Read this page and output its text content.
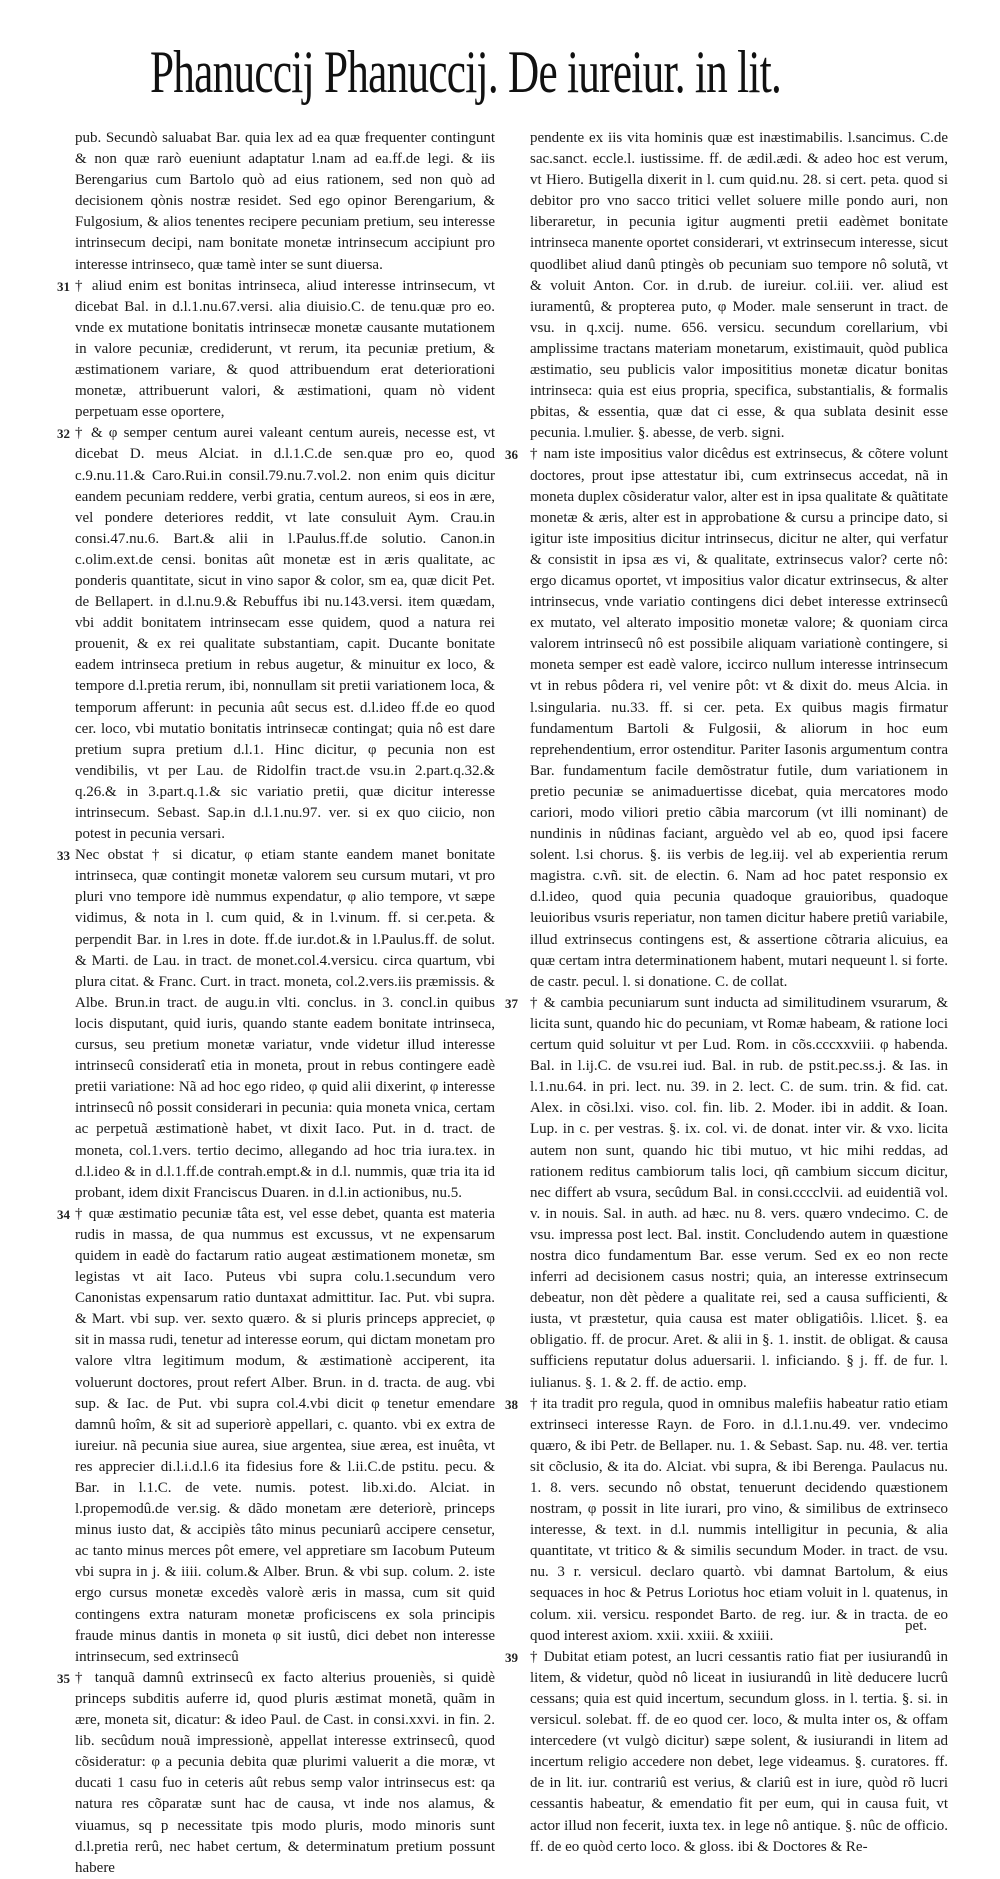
Phanuccij Phanuccij. De iureiur. in lit.

pub. Secundò saluabat Bar. quia lex ad ea quæ frequenter contingunt & non quæ rarò eueniunt adaptatur l.nam ad ea.ff.de legi. & iis Berengarius cum Bartolo quò ad eius rationem, sed non quò ad decisionem qònis nostræ residet. Sed ego opinor Berengarium, & Fulgosium, & alios tenentes recipere pecuniam pretium, seu interesse intrinsecum decipi, nam bonitate monetæ intrinsecum accipiunt pro interesse intrinseco, quæ tamè inter se sunt diuersa.

31 † aliud enim est bonitas intrinseca, aliud interesse intrinsecum, vt dicebat Bal. in d.l.1.nu.67.versi. alia diuisio.C. de tenu.quæ pro eo. vnde ex mutatione bonitatis intrinsecæ monetæ causante mutationem in valore pecuniæ, crediderunt, vt rerum, ita pecuniæ pretium, & æstimationem variare, & quod attribuendum erat deteriorationi monetæ, attribuerunt valori, & æstimationi, quam nò vident perpetuam esse oportere,

32 † & φ semper centum aurei valeant centum aureis, necesse est, vt dicebat D. meus Alciat. in d.l.1.C.de sen.quæ pro eo, quod c.9.nu.11.& Caro.Rui.in consil.79.nu.7.vol.2. non enim quis dicitur eandem pecuniam reddere, verbi gratia, centum aureos, si eos in ære, vel pondere deteriores reddit, vt late consuluit Aym. Crau.in consi.47.nu.6. Bart.& alii in l.Paulus.ff.de solutio. Canon.in c.olim.ext.de censi. bonitas aût monetæ est in æris qualitate, ac ponderis quantitate, sicut in vino sapor & color, sm ea, quæ dicit Pet. de Bellapert. in d.l.nu.9.& Rebuffus ibi nu.143.versi. item quædam, vbi addit bonitatem intrinsecam esse quidem, quod a natura rei prouenit, & ex rei qualitate substantiam, capit. Ducante bonitate eadem intrinseca pretium in rebus augetur, & minuitur ex loco, & tempore d.l.pretia rerum, ibi, nonnullam sit pretii variationem loca, & temporum afferunt: in pecunia aût secus est. d.l.ideo ff.de eo quod cer. loco, vbi mutatio bonitatis intrinsecæ contingat; quia nô est dare pretium supra pretium d.l.1. Hinc dicitur, φ pecunia non est vendibilis, vt per Lau. de Ridolfin tract.de vsu.in 2.part.q.32.& q.26.& in 3.part.q.1.& sic variatio pretii, quæ dicitur interesse intrinsecum. Sebast. Sap.in d.l.1.nu.97. ver. si ex quo ciicio, non potest in pecunia versari.

33 Nec obstat † si dicatur, φ etiam stante eandem manet bonitate intrinseca, quæ contingit monetæ valorem seu cursum mutari, vt pro pluri vno tempore idè nummus expendatur, φ alio tempore, vt sæpe vidimus, & nota in l. cum quid, & in l.vinum. ff. si cer.peta. & perpendit Bar. in l.res in dote. ff.de iur.dot.& in l.Paulus.ff. de solut. & Marti. de Lau. in tract. de monet.col.4.versicu. circa quartum, vbi plura citat. & Franc. Curt. in tract. moneta, col.2.vers.iis præmissis. & Albe. Brun.in tract. de augu.in vlti. conclus. in 3. concl.in quibus locis disputant, quid iuris, quando stante eadem bonitate intrinseca, cursus, seu pretium monetæ variatur, vnde videtur illud interesse intrinsecû consideratî etia in moneta, prout in rebus contingere eadè pretii variatione: Nã ad hoc ego rideo, φ quid alii dixerint, φ interesse intrinsecû nô possit considerari in pecunia: quia moneta vnica, certam ac perpetuã æstimationè habet, vt dixit Iaco. Put. in d. tract. de moneta, col.1.vers. tertio decimo, allegando ad hoc tria iura.tex. in d.l.ideo & in d.l.1.ff.de contrah.empt.& in d.l. nummis, quæ tria ita id probant, idem dixit Franciscus Duaren. in d.l.in actionibus, nu.5.

34 † quæ æstimatio pecuniæ tâta est, vel esse debet, quanta est materia rudis in massa, de qua nummus est excussus, vt ne expensarum quidem in eadè do factarum ratio augeat æstimationem monetæ, sm legistas vt ait Iaco. Puteus vbi supra colu.1.secundum vero Canonistas expensarum ratio duntaxat admittitur. Iac. Put. vbi supra. & Mart. vbi sup. ver. sexto quæro. & si pluris princeps appreciet, φ sit in massa rudi, tenetur ad interesse eorum, qui dictam monetam pro valore vltra legitimum modum, & æstimationè acciperent, ita voluerunt doctores, prout refert Alber. Brun. in d. tracta. de aug. vbi sup. & Iac. de Put. vbi supra col.4.vbi dicit φ tenetur emendare damnû hoîm, & sit ad superiorè appellari, c. quanto. vbi ex extra de iureiur. nã pecunia siue aurea, siue argentea, siue ærea, est inuêta, vt res apprecier di.l.i.d.l.6 ita fidesius fore & l.ii.C.de pstitu. pecu. & Bar. in l.1.C. de vete. numis. potest. lib.xi.do. Alciat. in l.propemodû.de ver.sig. & dãdo monetam ære deteriorè, princeps minus iusto dat, & accipiès tâto minus pecuniarû accipere censetur, ac tanto minus merces pôt emere, vel appretiare sm Iacobum Puteum vbi supra in j. & iiii. colum.& Alber. Brun. & vbi sup. colum. 2. iste ergo cursus monetæ excedès valorè æris in massa, cum sit quid contingens extra naturam monetæ proficiscens ex sola principis fraude minus dantis in moneta φ sit iustû, dici debet non interesse intrinsecum, sed extrinsecû

35 † tanquã damnû extrinsecû ex facto alterius proueniès, si quidè princeps subditis auferre id, quod pluris æstimat monetã, quãm in ære, moneta sit, dicatur: & ideo Paul. de Cast. in consi.xxvi. in fin. 2. lib. secûdum nouã impressionè, appellat interesse extrinsecû, quod cõsideratur: φ a pecunia debita quæ plurimi valuerit a die moræ, vt ducati 1 casu fuo in ceteris aût rebus semp valor intrinsecus est: qa natura res cõparatæ sunt hac de causa, vt inde nos alamus, & viuamus, sq p necessitate tpis modo pluris, modo minoris sunt d.l.pretia rerû, nec habet certum, & determinatum pretium possunt habere

pendente ex iis vita hominis quæ est inæstimabilis. l.sancimus. C.de sac.sanct. eccle.l. iustissime. ff. de ædil.ædi. & adeo hoc est verum, vt Hiero. Butigella dixerit in l. cum quid.nu. 28. si cert. peta. quod si debitor pro vno sacco tritici vellet soluere mille pondo auri, non liberaretur, in pecunia igitur augmenti pretii eadèmet bonitate intrinseca manente oportet considerari, vt extrinsecum interesse, sicut quodlibet aliud danû ptingès ob pecuniam suo tempore nô solutã, vt & voluit Anton. Cor. in d.rub. de iureiur. col.iii. ver. aliud est iuramentû, & propterea puto, φ Moder. male senserunt in tract. de vsu. in q.xcij. nume. 656. versicu. secundum corellarium, vbi amplissime tractans materiam monetarum, existimauit, quòd publica æstimatio, seu publicis valor imposititius monetæ dicatur bonitas intrinseca: quia est eius propria, specifica, substantialis, & formalis pbitas, & essentia, quæ dat ci esse, & qua sublata desinit esse pecunia. l.mulier. §. abesse, de verb. signi.

36 † nam iste impositius valor dicêdus est extrinsecus, & cõtere volunt doctores, prout ipse attestatur ibi, cum extrinsecus accedat, nã in moneta duplex cõsideratur valor, alter est in ipsa qualitate & quãtitate monetæ & æris, alter est in approbatione & cursu a principe dato, si igitur iste impositius dicitur intrinsecus, dicitur ne alter, qui verfatur & consistit in ipsa æs vi, & qualitate, extrinsecus valor? certe nô: ergo dicamus oportet, vt impositius valor dicatur extrinsecus, & alter intrinsecus, vnde variatio contingens dici debet interesse extrinsecû ex mutato, vel alterato impositio monetæ valore; & quoniam circa valorem intrinsecû nô est possibile aliquam variationè contingere, si moneta semper est eadè valore, iccirco nullum interesse intrinsecum vt in rebus pôdera ri, vel venire pôt: vt & dixit do. meus Alcia. in l.singularia. nu.33. ff. si cer. peta. Ex quibus magis firmatur fundamentum Bartoli & Fulgosii, & aliorum in hoc eum reprehendentium, error ostenditur. Pariter Iasonis argumentum contra Bar. fundamentum facile demõstratur futile, dum variationem in pretio pecuniæ se animaduertisse dicebat, quia mercatores modo cariori, modo viliori pretio cãbia marcorum (vt illi nominant) de nundinis in nûdinas faciant, arguèdo vel ab eo, quod ipsi facere solent. l.si chorus. §. iis verbis de leg.iij. vel ab experientia rerum magistra. c.vñ. sit. de electin. 6. Nam ad hoc patet responsio ex d.l.ideo, quod quia pecunia quadoque grauioribus, quadoque leuioribus vsuris reperiatur, non tamen dicitur habere pretiû variabile, illud extrinsecus contingens est, & assertione cõtraria alicuius, ea quæ certam intra determinationem habent, mutari nequeunt l. si forte. de castr. pecul. l. si donatione. C. de collat.

37 † & cambia pecuniarum sunt inducta ad similitudinem vsurarum, & licita sunt, quando hic do pecuniam, vt Romæ habeam, & ratione loci certum quid soluitur vt per Lud. Rom. in cõs.cccxxviii. φ habenda. Bal. in l.ij.C. de vsu.rei iud. Bal. in rub. de pstit.pec.ss.j. & Ias. in l.1.nu.64. in pri. lect. nu. 39. in 2. lect. C. de sum. trin. & fid. cat. Alex. in cõsi.lxi. viso. col. fin. lib. 2. Moder. ibi in addit. & Ioan. Lup. in c. per vestras. §. ix. col. vi. de donat. inter vir. & vxo. licita autem non sunt, quando hic tibi mutuo, vt hic mihi reddas, ad rationem reditus cambiorum talis loci, qñ cambium siccum dicitur, nec differt ab vsura, secûdum Bal. in consi.cccclvii. ad euidentiã vol. v. in nouis. Sal. in auth. ad hæc. nu 8. vers. quæro vndecimo. C. de vsu. impressa post lect. Bal. instit. Concludendo autem in quæstione nostra dico fundamentum Bar. esse verum. Sed ex eo non recte inferri ad decisionem casus nostri; quia, an interesse extrinsecum debeatur, non dèt pèdere a qualitate rei, sed a causa sufficienti, & iusta, vt præstetur, quia causa est mater obligatiôis. l.licet. §. ea obligatio. ff. de procur. Aret. & alii in §. 1. instit. de obligat. & causa sufficiens reputatur dolus aduersarii. l. inficiando. § j. ff. de fur. l. iulianus. §. 1. & 2. ff. de actio. emp.

38 † ita tradit pro regula, quod in omnibus malefiis habeatur ratio etiam extrinseci interesse Rayn. de Foro. in d.l.1.nu.49. ver. vndecimo quæro, & ibi Petr. de Bellaper. nu. 1. & Sebast. Sap. nu. 48. ver. tertia sit cõclusio, & ita do. Alciat. vbi supra, & ibi Berenga. Paulacus nu. 1. 8. vers. secundo nô obstat, tenuerunt decidendo quæstionem nostram, φ possit in lite iurari, pro vino, & similibus de extrinseco interesse, & text. in d.l. nummis intelligitur in pecunia, & alia quantitate, vt tritico & & similis secundum Moder. in tract. de vsu. nu. 3 r. versicul. declaro quartò. vbi damnat Bartolum, & eius sequaces in hoc & Petrus Loriotus hoc etiam voluit in l. quatenus, in colum. xii. versicu. respondet Barto. de reg. iur. & in tracta. de eo quod interest axiom. xxii. xxiii. & xxiiii.

39 † Dubitat etiam potest, an lucri cessantis ratio fiat per iusiurandû in litem, & videtur, quòd nô liceat in iusiurandû in litè deducere lucrû cessans; quia est quid incertum, secundum gloss. in l. tertia. §. si. in versicul. solebat. ff. de eo quod cer. loco, & multa inter os, & offam intercedere (vt vulgò dicitur) sæpe solent, & iusiurandi in litem ad incertum religio accedere non debet, lege videamus. §. curatores. ff. de in lit. iur. contrariû est verius, & clariû est in iure, quòd rõ lucri cessantis habeatur, & emendatio fit per eum, qui in causa fuit, vt actor illud non fecerit, iuxta tex. in lege nô antique. §. nûc de officio. ff. de eo quòd certo loco. & gloss. ibi & Doctores & Re-

pet.
